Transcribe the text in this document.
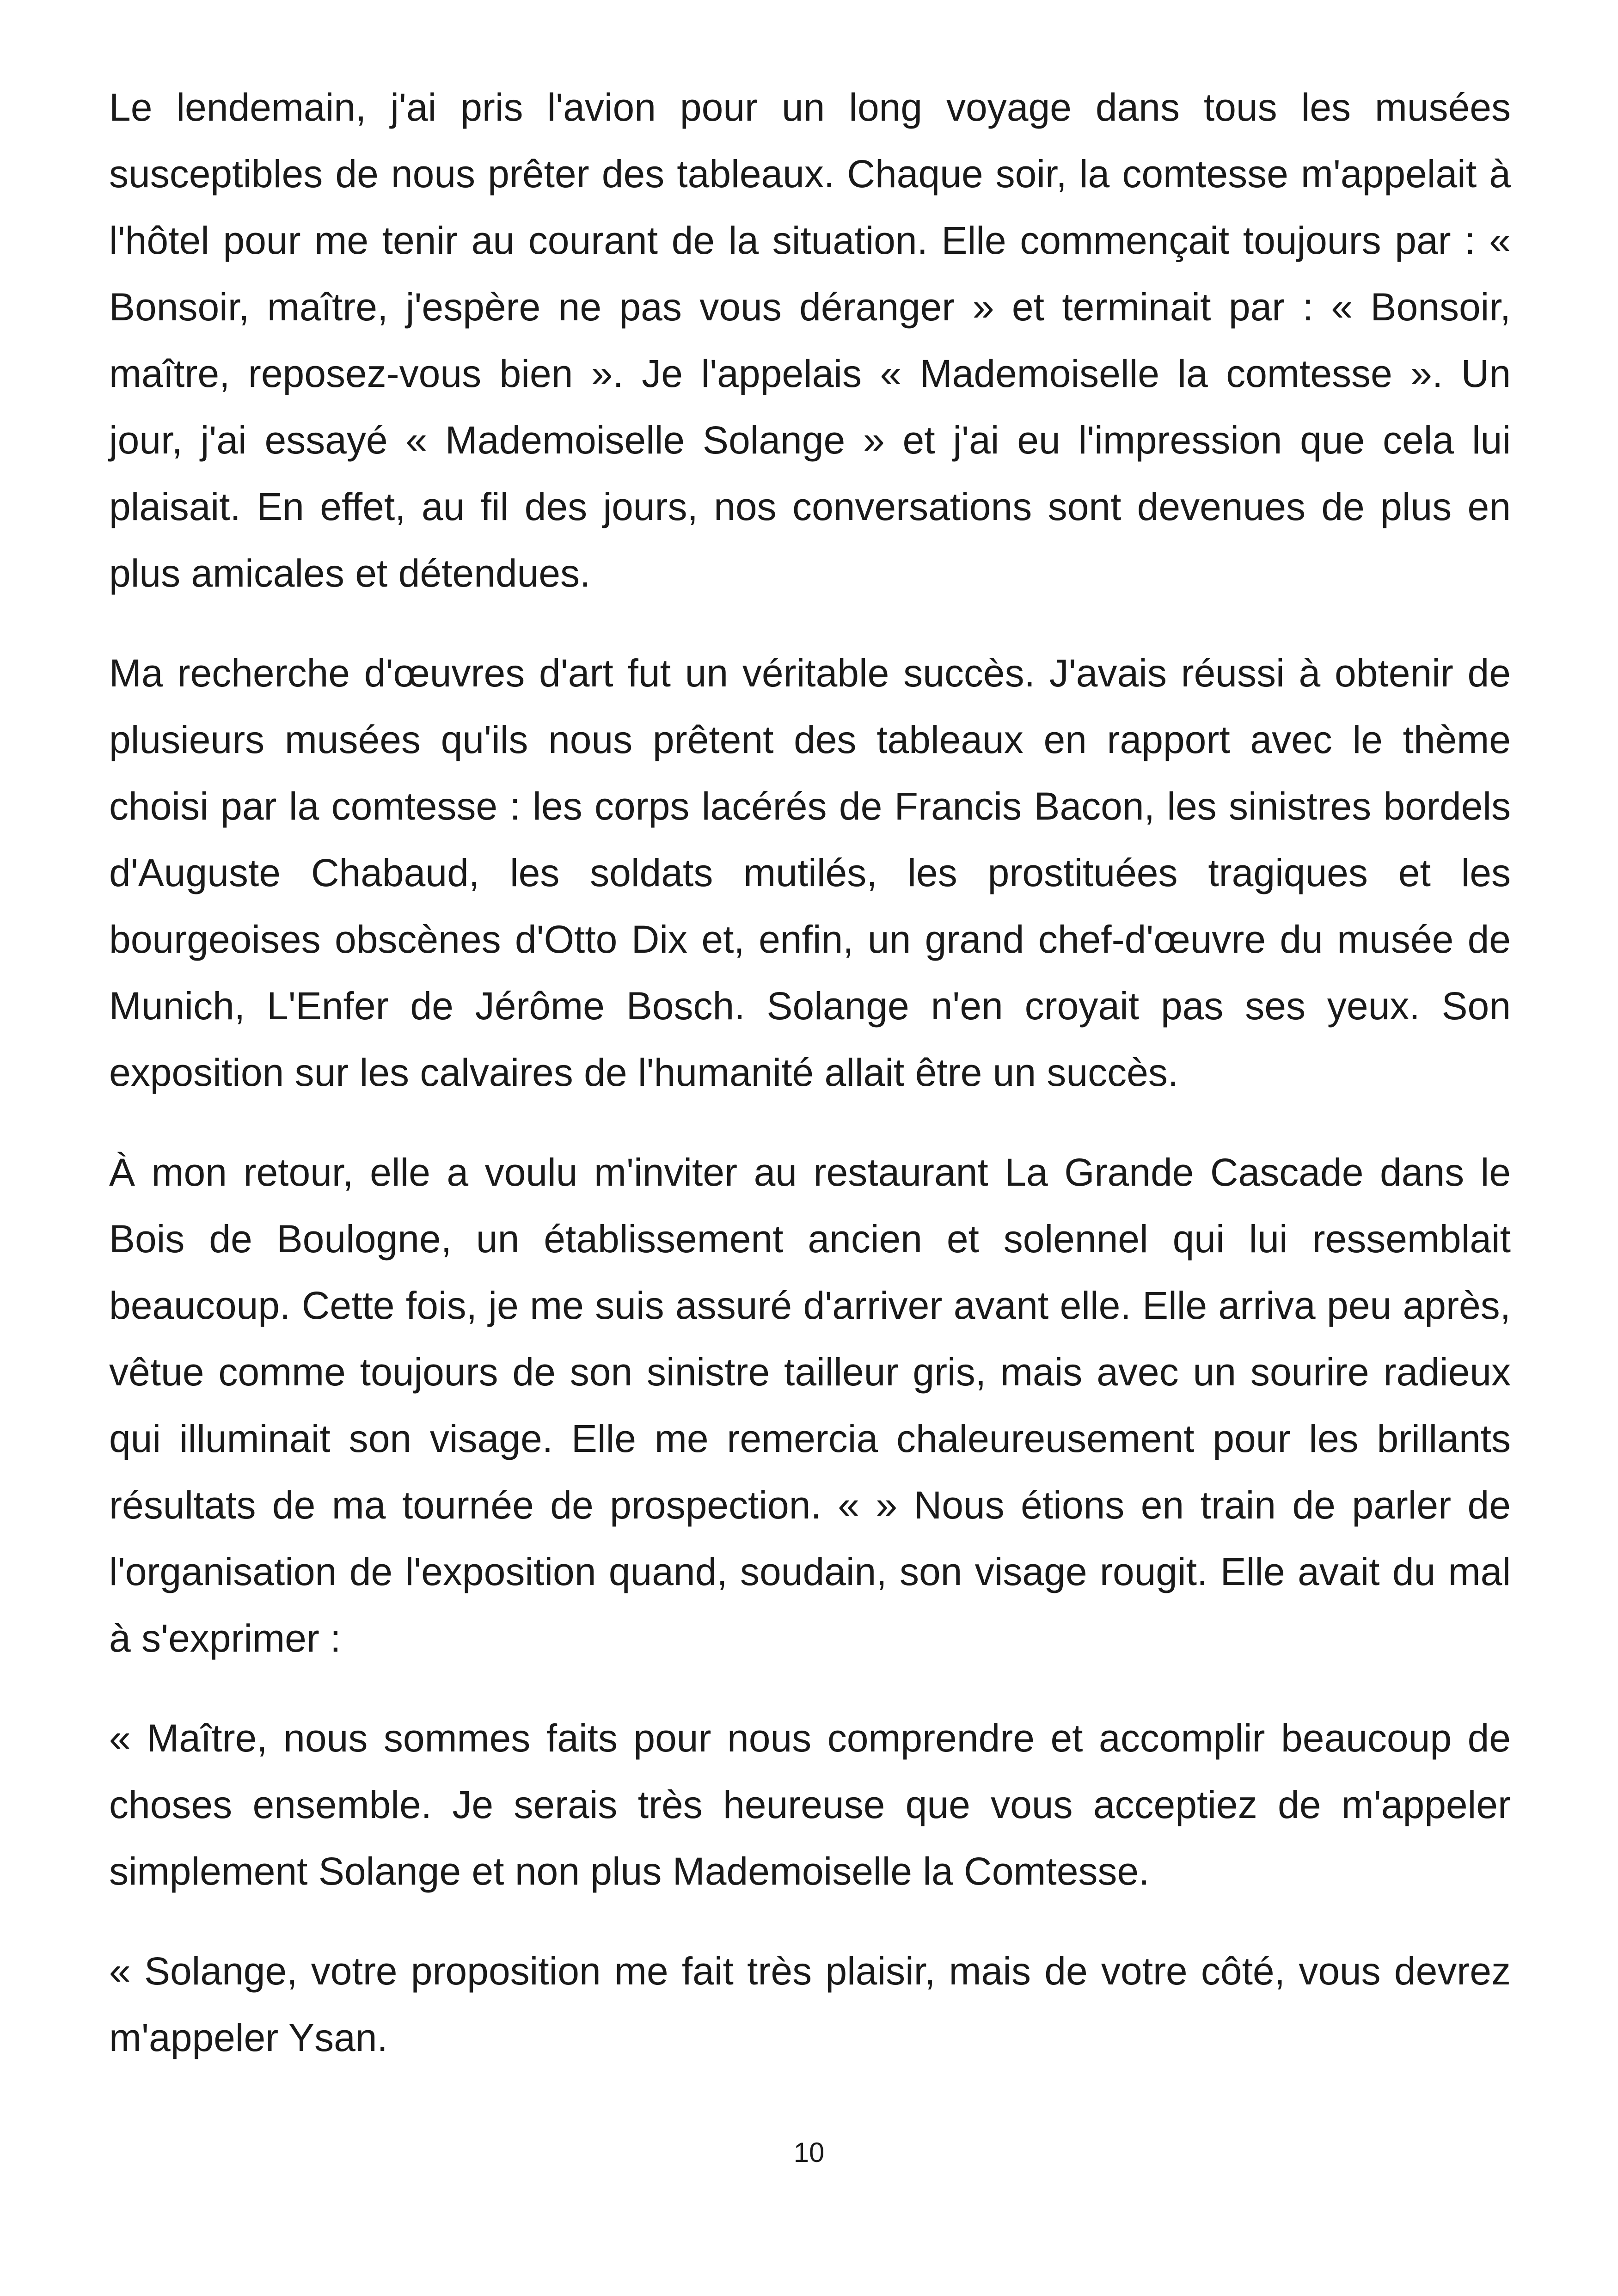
Le lendemain, j'ai pris l'avion pour un long voyage dans tous les musées susceptibles de nous prêter des tableaux. Chaque soir, la comtesse m'appelait à l'hôtel pour me tenir au courant de la situation. Elle commençait toujours par : « Bonsoir, maître, j'espère ne pas vous déranger » et terminait par : « Bonsoir, maître, reposez-vous bien ». Je l'appelais « Mademoiselle la comtesse ». Un jour, j'ai essayé « Mademoiselle Solange » et j'ai eu l'impression que cela lui plaisait. En effet, au fil des jours, nos conversations sont devenues de plus en plus amicales et détendues.

Ma recherche d'œuvres d'art fut un véritable succès. J'avais réussi à obtenir de plusieurs musées qu'ils nous prêtent des tableaux en rapport avec le thème choisi par la comtesse : les corps lacérés de Francis Bacon, les sinistres bordels d'Auguste Chabaud, les soldats mutilés, les prostituées tragiques et les bourgeoises obscènes d'Otto Dix et, enfin, un grand chef-d'œuvre du musée de Munich, L'Enfer de Jérôme Bosch. Solange n'en croyait pas ses yeux. Son exposition sur les calvaires de l'humanité allait être un succès.

À mon retour, elle a voulu m'inviter au restaurant La Grande Cascade dans le Bois de Boulogne, un établissement ancien et solennel qui lui ressemblait beaucoup. Cette fois, je me suis assuré d'arriver avant elle. Elle arriva peu après, vêtue comme toujours de son sinistre tailleur gris, mais avec un sourire radieux qui illuminait son visage. Elle me remercia chaleureusement pour les brillants résultats de ma tournée de prospection. « » Nous étions en train de parler de l'organisation de l'exposition quand, soudain, son visage rougit. Elle avait du mal à s'exprimer :

« Maître, nous sommes faits pour nous comprendre et accomplir beaucoup de choses ensemble. Je serais très heureuse que vous acceptiez de m'appeler simplement Solange et non plus Mademoiselle la Comtesse.

« Solange, votre proposition me fait très plaisir, mais de votre côté, vous devrez m'appeler Ysan.

10
